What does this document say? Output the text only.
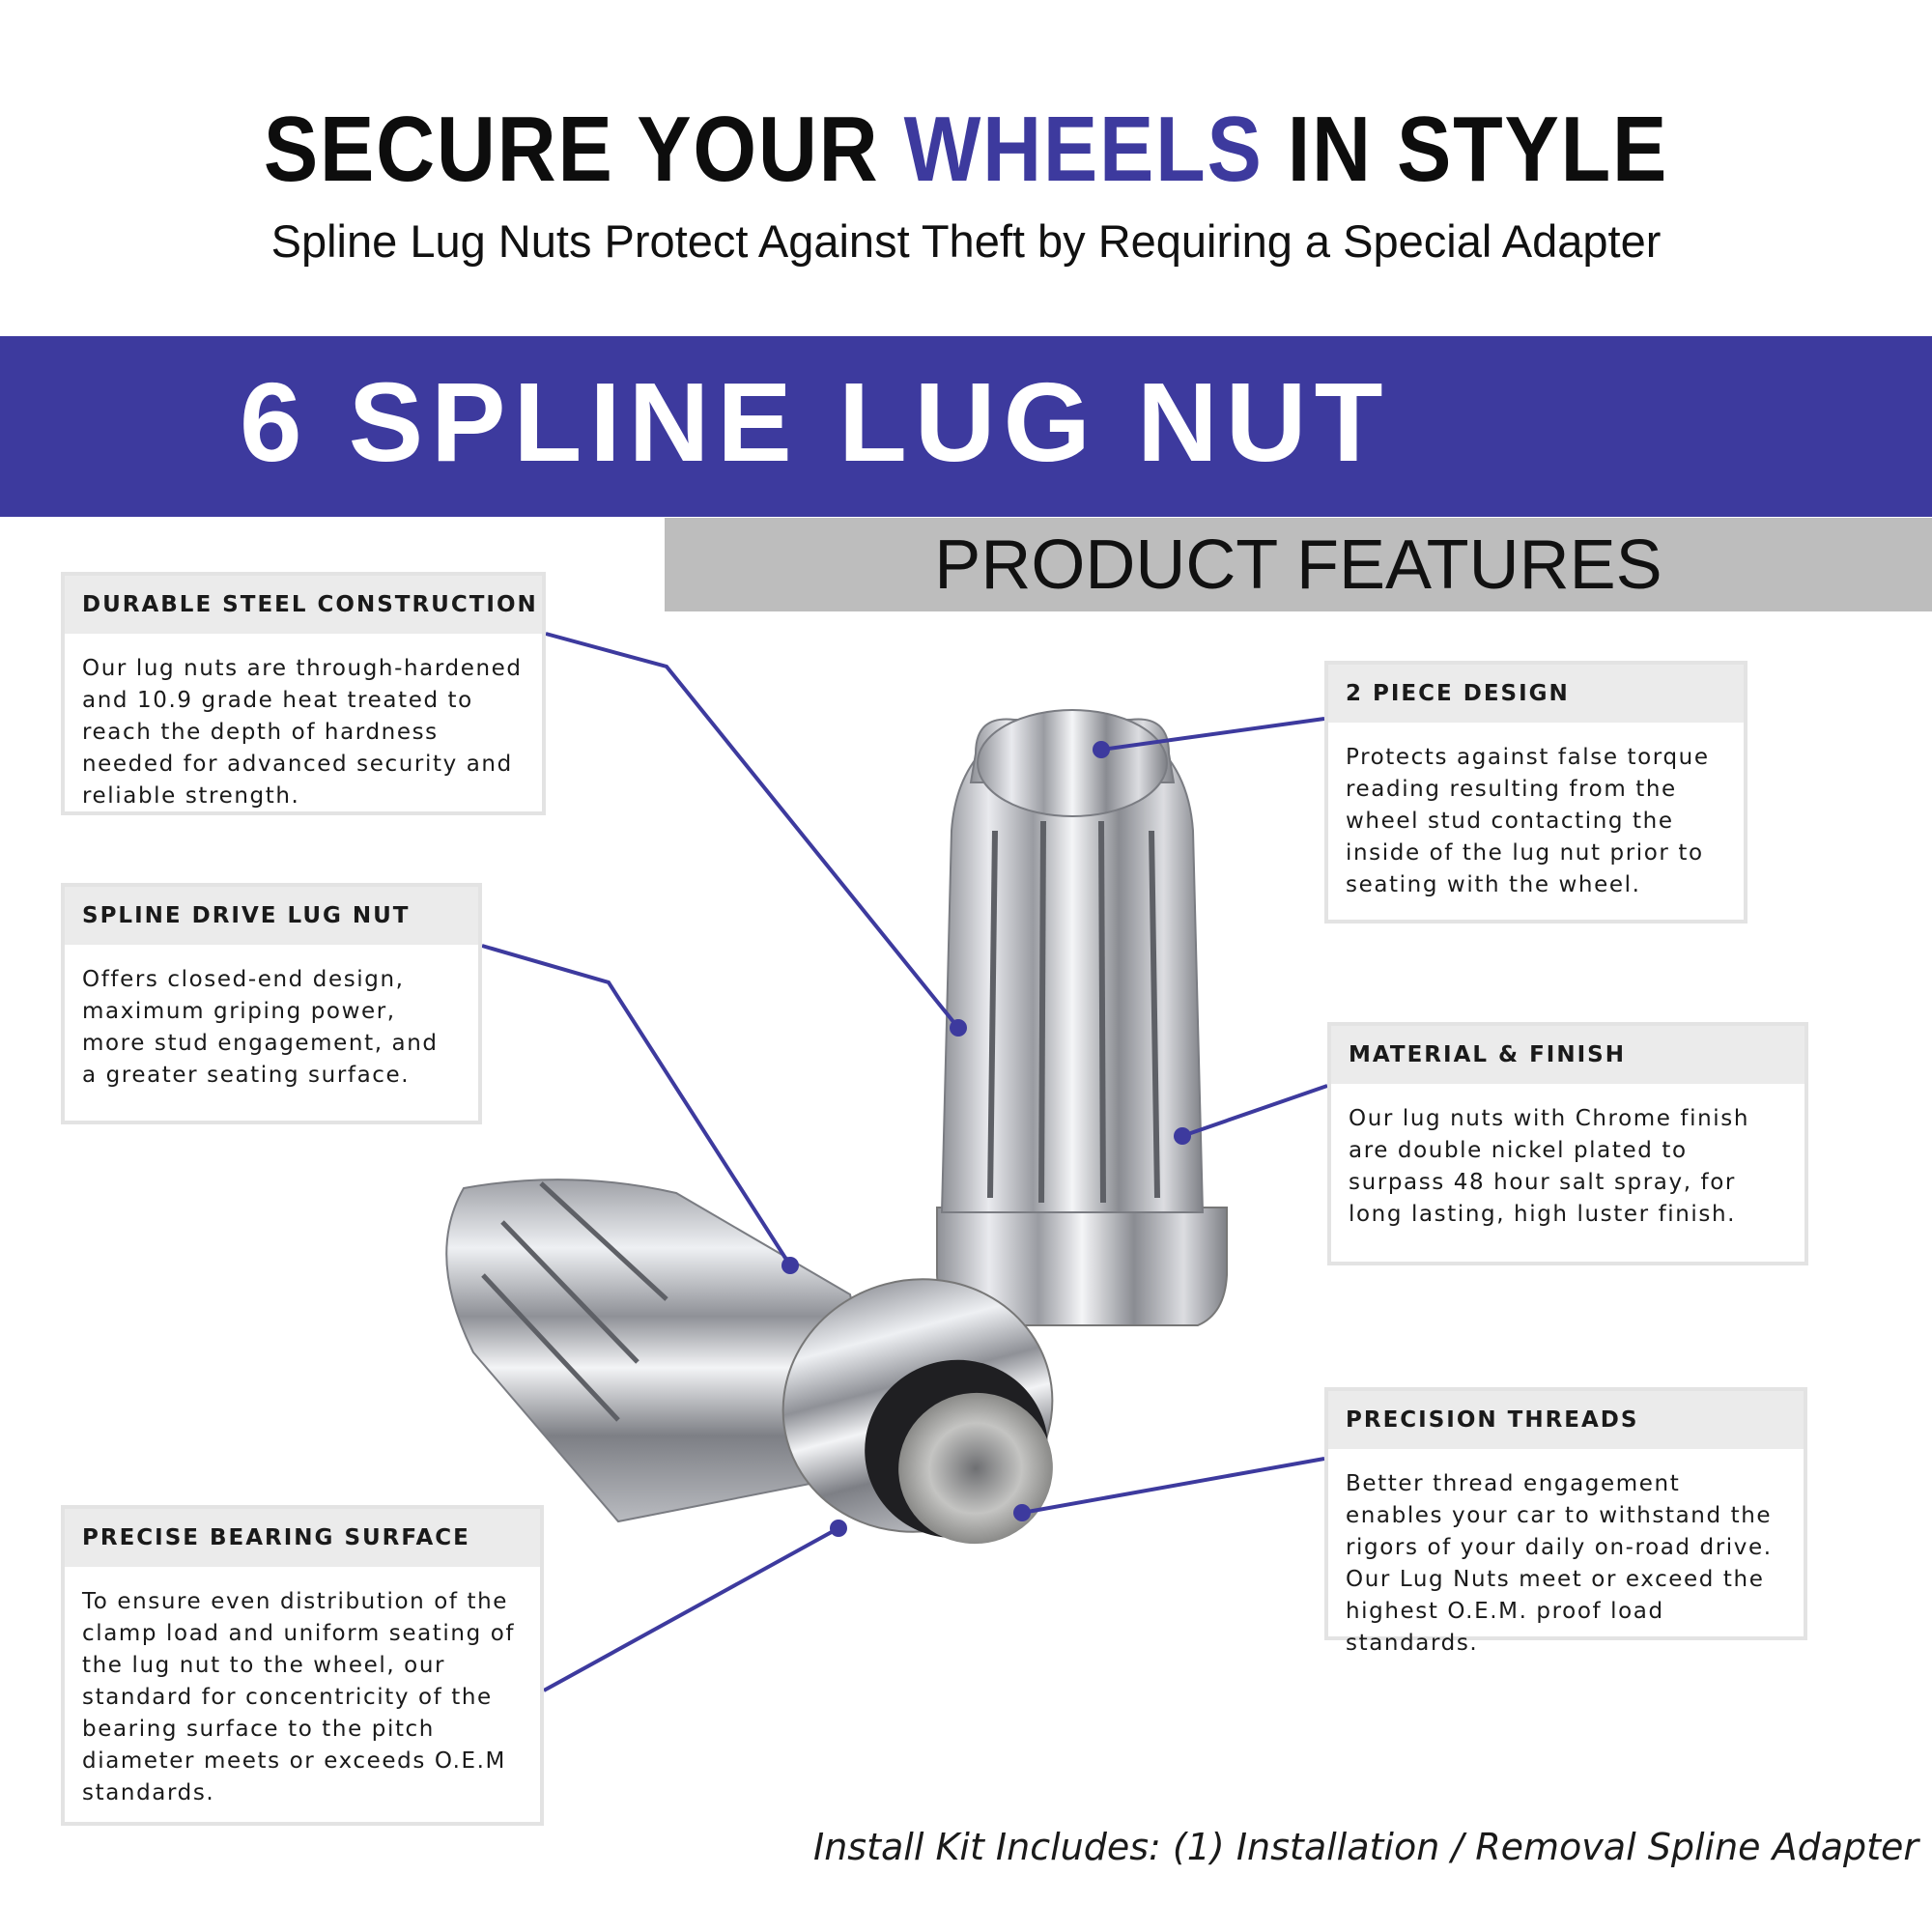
SECURE YOUR WHEELS IN STYLE
Spline Lug Nuts Protect Against Theft by Requiring a Special Adapter
6 SPLINE LUG NUT
PRODUCT FEATURES
DURABLE STEEL CONSTRUCTION
Our lug nuts are through-hardened and 10.9 grade heat treated to reach the depth of hardness needed for advanced security and reliable strength.
SPLINE DRIVE LUG NUT
Offers closed-end design, maximum griping power, more stud engagement, and a greater seating surface.
PRECISE BEARING SURFACE
To ensure even distribution of the clamp load and uniform seating of the lug nut to the wheel, our standard for concentricity of the bearing surface to the pitch diameter meets or exceeds O.E.M standards.
2 PIECE DESIGN
Protects against false torque reading resulting from the wheel stud contacting the inside of the lug nut prior to seating with the wheel.
MATERIAL & FINISH
Our lug nuts with Chrome finish are double nickel plated to surpass 48 hour salt spray, for long lasting, high luster finish.
PRECISION THREADS
Better thread engagement enables your car to withstand the rigors of your daily on-road drive. Our Lug Nuts meet or exceed the highest O.E.M. proof load standards.
Install Kit Includes: (1) Installation / Removal Spline Adapter
